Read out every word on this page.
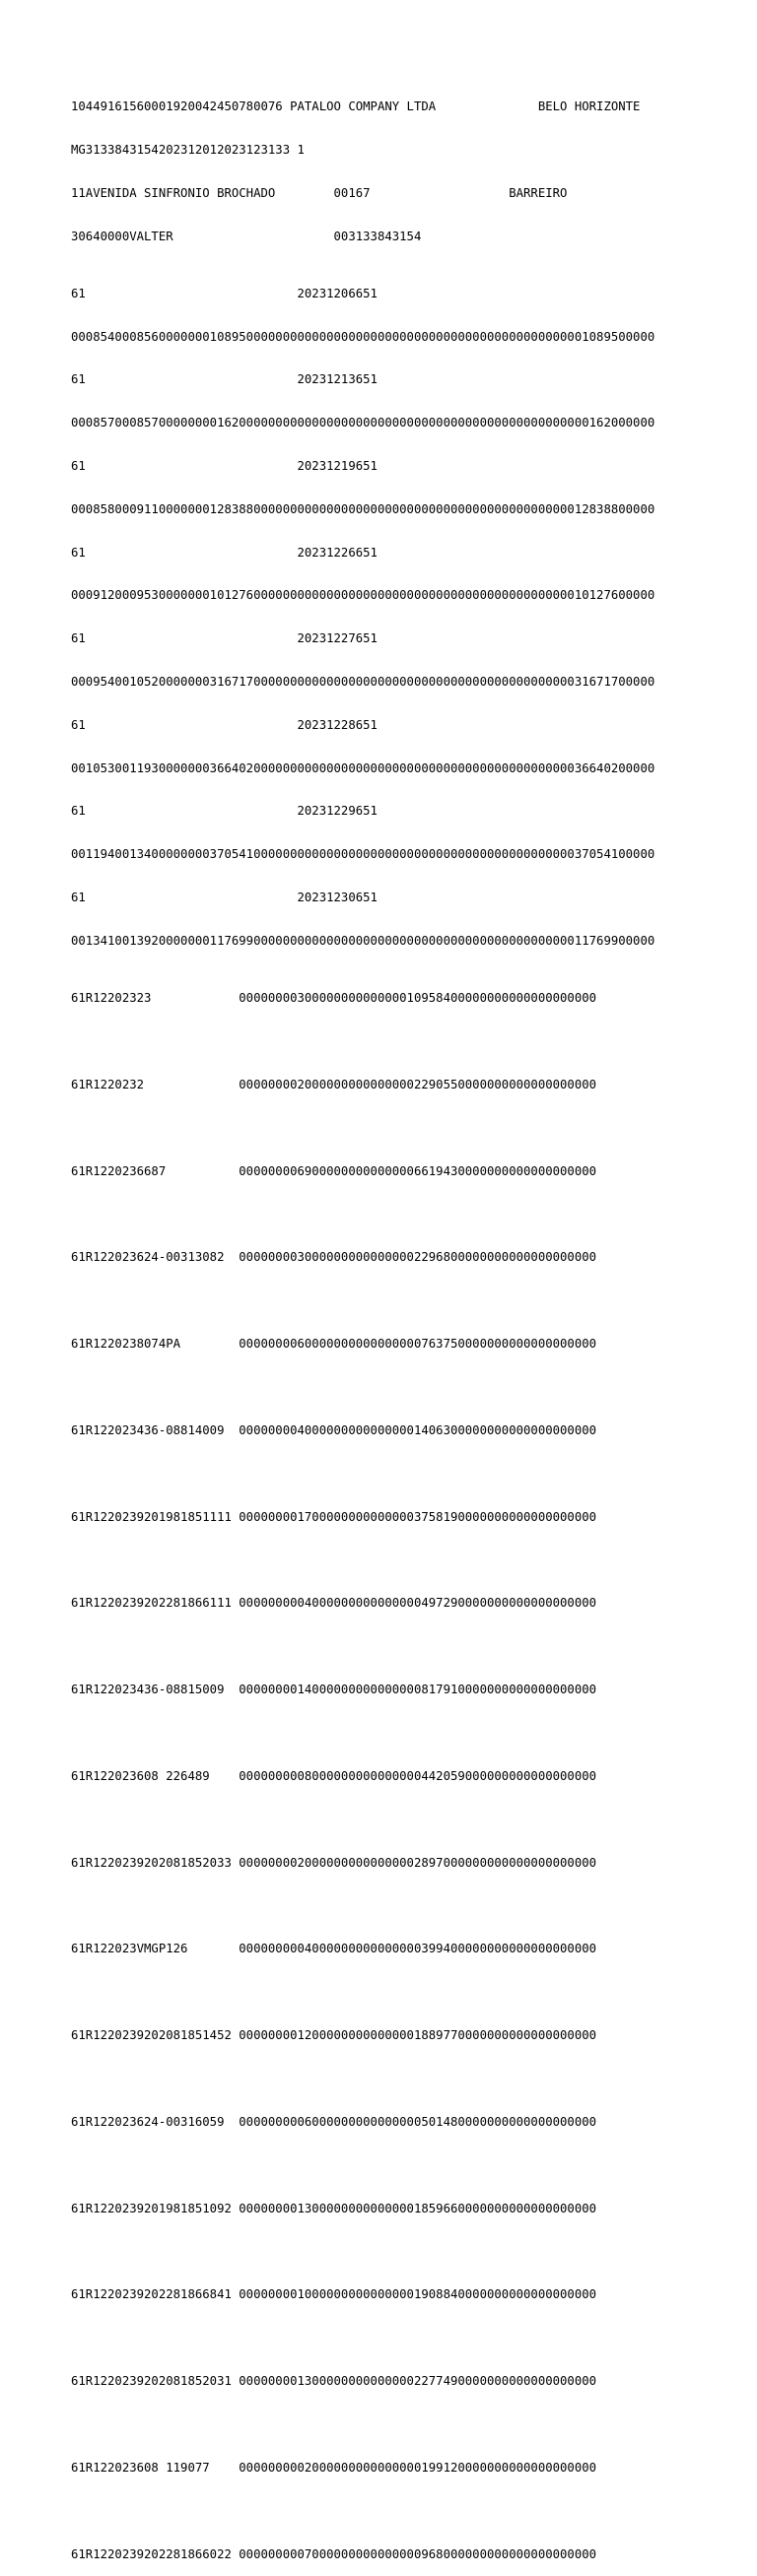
10449161560001920042450780076 PATALOO COMPANY LTDA              BELO HORIZONTE

MG3133843154202312012023123133 1

11AVENIDA SINFRONIO BROCHADO        00167                   BARREIRO

30640000VALTER                      003133843154

61                             20231206651

00085400085600000001089500000000000000000000000000000000000000000000001089500000

61                             20231213651

00085700085700000000162000000000000000000000000000000000000000000000000162000000

61                             20231219651

00085800091100000001283880000000000000000000000000000000000000000000012838800000

61                             20231226651

00091200095300000001012760000000000000000000000000000000000000000000010127600000

61                             20231227651

00095400105200000003167170000000000000000000000000000000000000000000031671700000

61                             20231228651

00105300119300000003664020000000000000000000000000000000000000000000036640200000

61                             20231229651

00119400134000000003705410000000000000000000000000000000000000000000037054100000

61                             20231230651

00134100139200000001176990000000000000000000000000000000000000000000011769900000

61R12202323            0000000030000000000000010958400000000000000000000

61R1220232             0000000020000000000000002290550000000000000000000

61R1220236687          0000000069000000000000006619430000000000000000000

61R122023624-00313082  0000000030000000000000002296800000000000000000000

61R1220238074PA        0000000060000000000000000763750000000000000000000

61R122023436-08814009  0000000040000000000000001406300000000000000000000

61R1220239201981851111 0000000017000000000000003758190000000000000000000

61R1220239202281866111 0000000004000000000000000497290000000000000000000

61R122023436-08815009  0000000014000000000000000817910000000000000000000

61R122023608 226489    0000000008000000000000000442059000000000000000000

61R1220239202081852033 0000000020000000000000002897000000000000000000000

61R122023VMGP126       0000000004000000000000000399400000000000000000000

61R1220239202081851452 0000000012000000000000001889770000000000000000000

61R122023624-00316059  0000000006000000000000000501480000000000000000000

61R1220239201981851092 0000000013000000000000001859660000000000000000000

61R1220239202281866841 0000000010000000000000001908840000000000000000000

61R1220239202081852031 0000000013000000000000002277490000000000000000000

61R122023608 119077    0000000002000000000000000199120000000000000000000

61R1220239202281866022 0000000007000000000000000968000000000000000000000
